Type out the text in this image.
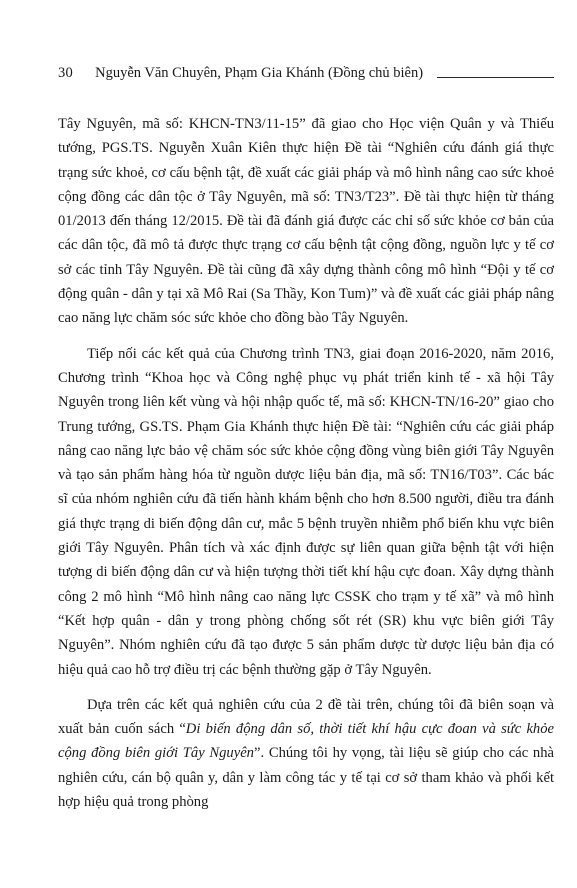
30 Nguyễn Văn Chuyên, Phạm Gia Khánh (Đồng chủ biên)

Tây Nguyên, mã số: KHCN-TN3/11-15” đã giao cho Học viện Quân y và Thiếu tướng, PGS.TS. Nguyễn Xuân Kiên thực hiện Đề tài “Nghiên cứu đánh giá thực trạng sức khoẻ, cơ cấu bệnh tật, đề xuất các giải pháp và mô hình nâng cao sức khoẻ cộng đồng các dân tộc ở Tây Nguyên, mã số: TN3/T23”. Đề tài thực hiện từ tháng 01/2013 đến tháng 12/2015. Đề tài đã đánh giá được các chỉ số sức khỏe cơ bản của các dân tộc, đã mô tả được thực trạng cơ cấu bệnh tật cộng đồng, nguồn lực y tế cơ sở các tỉnh Tây Nguyên. Đề tài cũng đã xây dựng thành công mô hình “Đội y tế cơ động quân - dân y tại xã Mô Rai (Sa Thầy, Kon Tum)” và đề xuất các giải pháp nâng cao năng lực chăm sóc sức khỏe cho đồng bào Tây Nguyên.

Tiếp nối các kết quả của Chương trình TN3, giai đoạn 2016-2020, năm 2016, Chương trình “Khoa học và Công nghệ phục vụ phát triển kinh tế - xã hội Tây Nguyên trong liên kết vùng và hội nhập quốc tế, mã số: KHCN-TN/16-20” giao cho Trung tướng, GS.TS. Phạm Gia Khánh thực hiện Đề tài: “Nghiên cứu các giải pháp nâng cao năng lực bảo vệ chăm sóc sức khỏe cộng đồng vùng biên giới Tây Nguyên và tạo sản phẩm hàng hóa từ nguồn dược liệu bản địa, mã số: TN16/T03”. Các bác sĩ của nhóm nghiên cứu đã tiến hành khám bệnh cho hơn 8.500 người, điều tra đánh giá thực trạng di biến động dân cư, mắc 5 bệnh truyền nhiễm phổ biến khu vực biên giới Tây Nguyên. Phân tích và xác định được sự liên quan giữa bệnh tật với hiện tượng di biến động dân cư và hiện tượng thời tiết khí hậu cực đoan. Xây dựng thành công 2 mô hình “Mô hình nâng cao năng lực CSSK cho trạm y tế xã” và mô hình “Kết hợp quân - dân y trong phòng chống sốt rét (SR) khu vực biên giới Tây Nguyên”. Nhóm nghiên cứu đã tạo được 5 sản phẩm dược từ dược liệu bản địa có hiệu quả cao hỗ trợ điều trị các bệnh thường gặp ở Tây Nguyên.

Dựa trên các kết quả nghiên cứu của 2 đề tài trên, chúng tôi đã biên soạn và xuất bản cuốn sách “Di biến động dân số, thời tiết khí hậu cực đoan và sức khỏe cộng đồng biên giới Tây Nguyên”. Chúng tôi hy vọng, tài liệu sẽ giúp cho các nhà nghiên cứu, cán bộ quân y, dân y làm công tác y tế tại cơ sở tham khảo và phối kết hợp hiệu quả trong phòng
